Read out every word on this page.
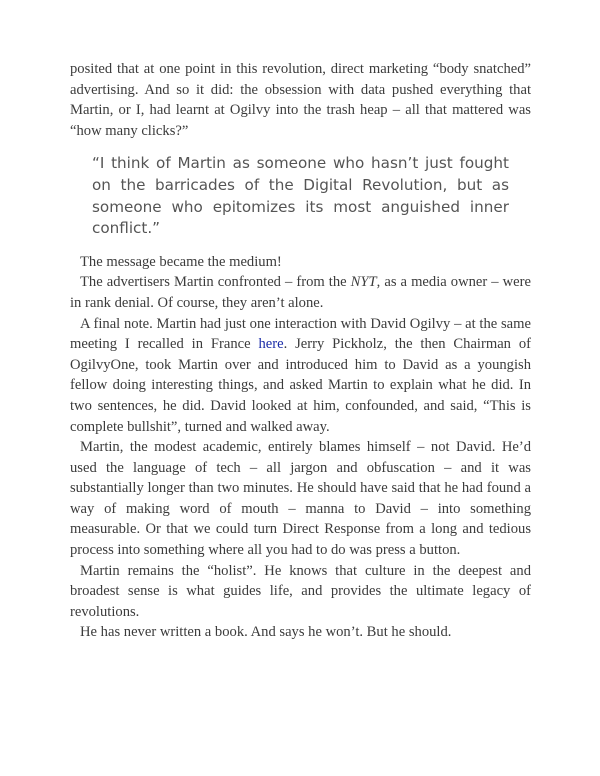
posited that at one point in this revolution, direct marketing “body snatched” advertising. And so it did: the obsession with data pushed everything that Martin, or I, had learnt at Ogilvy into the trash heap – all that mattered was “how many clicks?”

“I think of Martin as someone who hasn’t just fought on the barricades of the Digital Revolution, but as someone who epitomizes its most anguished inner conflict.”

The message became the medium!

The advertisers Martin confronted – from the NYT, as a media owner – were in rank denial. Of course, they aren’t alone.

A final note. Martin had just one interaction with David Ogilvy – at the same meeting I recalled in France here. Jerry Pickholz, the then Chairman of OgilvyOne, took Martin over and introduced him to David as a youngish fellow doing interesting things, and asked Martin to explain what he did. In two sentences, he did. David looked at him, confounded, and said, “This is complete bullshit”, turned and walked away.

Martin, the modest academic, entirely blames himself – not David. He’d used the language of tech – all jargon and obfuscation – and it was substantially longer than two minutes. He should have said that he had found a way of making word of mouth – manna to David – into something measurable. Or that we could turn Direct Response from a long and tedious process into something where all you had to do was press a button.

Martin remains the “holist”. He knows that culture in the deepest and broadest sense is what guides life, and provides the ultimate legacy of revolutions.

He has never written a book. And says he won’t. But he should.
